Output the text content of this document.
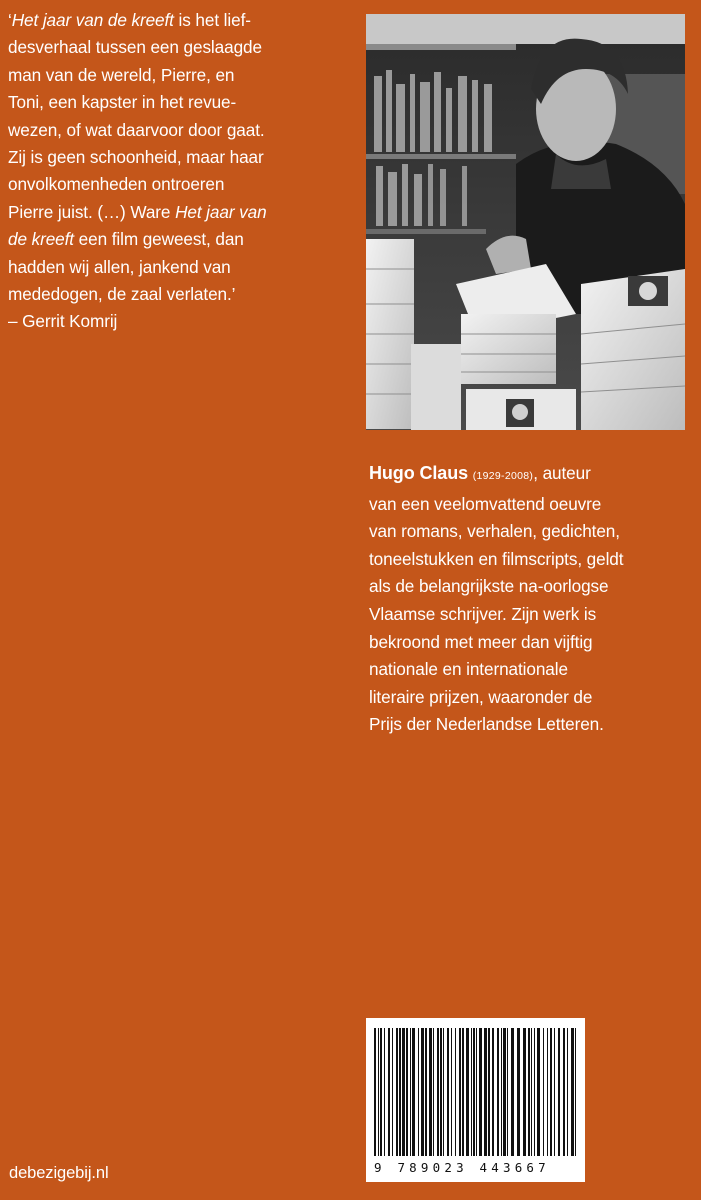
‘Het jaar van de kreeft is het lief-
desverhaal tussen een geslaagde
man van de wereld, Pierre, en
Toni, een kapster in het revue-
wezen, of wat daarvoor door gaat.
Zij is geen schoonheid, maar haar
onvolkomenheden ontroeren
Pierre juist. (…) Ware Het jaar van
de kreeft een film geweest, dan
hadden wij allen, jankend van
mededogen, de zaal verlaten.’
– Gerrit Komrij
Hugo Claus (1929-2008), auteur
van een veelomvattend oeuvre
van romans, verhalen, gedichten,
toneelstukken en filmscripts, geldt
als de belangrijkste na-oorlogse
Vlaamse schrijver. Zijn werk is
bekroond met meer dan vijftig
nationale en internationale
literaire prijzen, waaronder de
Prijs der Nederlandse Letteren.
9 789023 443667
debezigebij.nl
